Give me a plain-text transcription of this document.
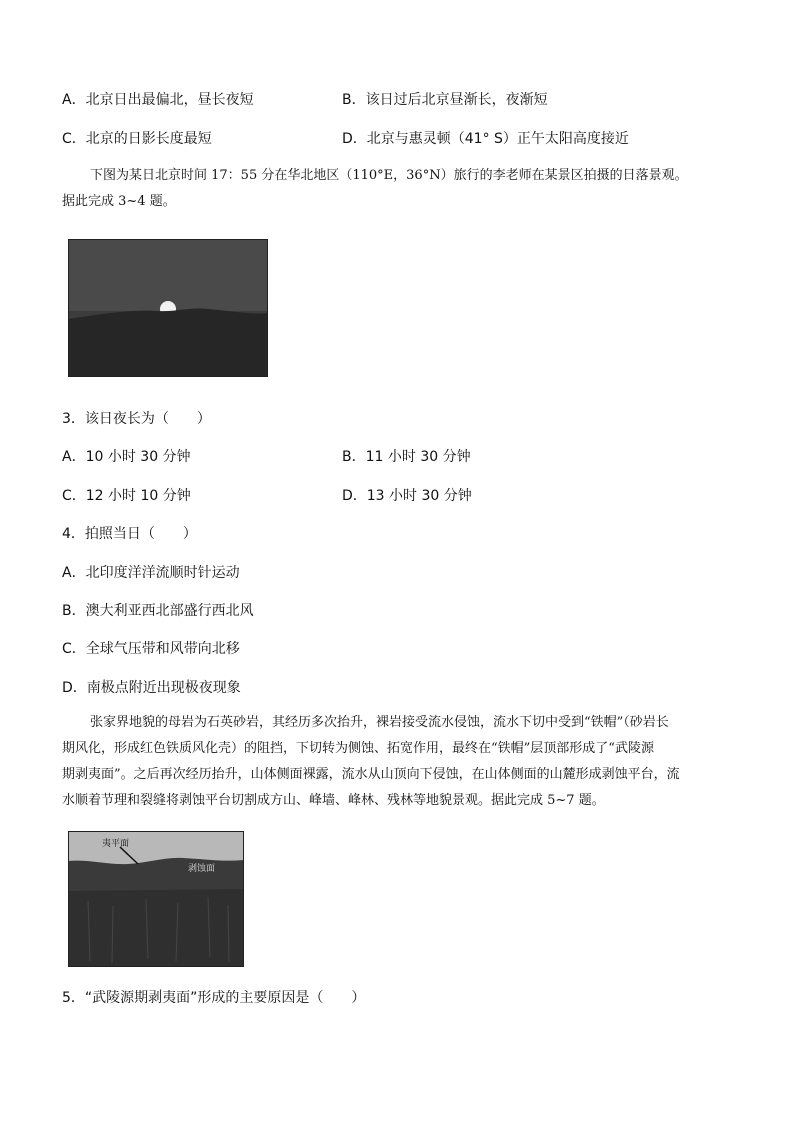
A．北京日出最偏北，昼长夜短	B．该日过后北京昼渐长，夜渐短
C．北京的日影长度最短	D．北京与惠灵顿（41° S）正午太阳高度接近
下图为某日北京时间 17：55 分在华北地区（110°E，36°N）旅行的李老师在某景区拍摄的日落景观。
据此完成 3~4 题。
3．该日夜长为（　　）
A．10 小时 30 分钟	B．11 小时 30 分钟
C．12 小时 10 分钟	D．13 小时 30 分钟
4．拍照当日（　　）
A．北印度洋洋流顺时针运动
B．澳大利亚西北部盛行西北风
C．全球气压带和风带向北移
D．南极点附近出现极夜现象
张家界地貌的母岩为石英砂岩，其经历多次抬升，裸岩接受流水侵蚀，流水下切中受到“铁帽”（砂岩长
期风化，形成红色铁质风化壳）的阻挡，下切转为侧蚀、拓宽作用，最终在“铁帽”层顶部形成了“武陵源
期剥夷面”。之后再次经历抬升，山体侧面裸露，流水从山顶向下侵蚀，在山体侧面的山麓形成剥蚀平台，流
水顺着节理和裂缝将剥蚀平台切割成方山、峰墙、峰林、残林等地貌景观。据此完成 5~7 题。
夷平面
剥蚀面
5．“武陵源期剥夷面”形成的主要原因是（　　）
